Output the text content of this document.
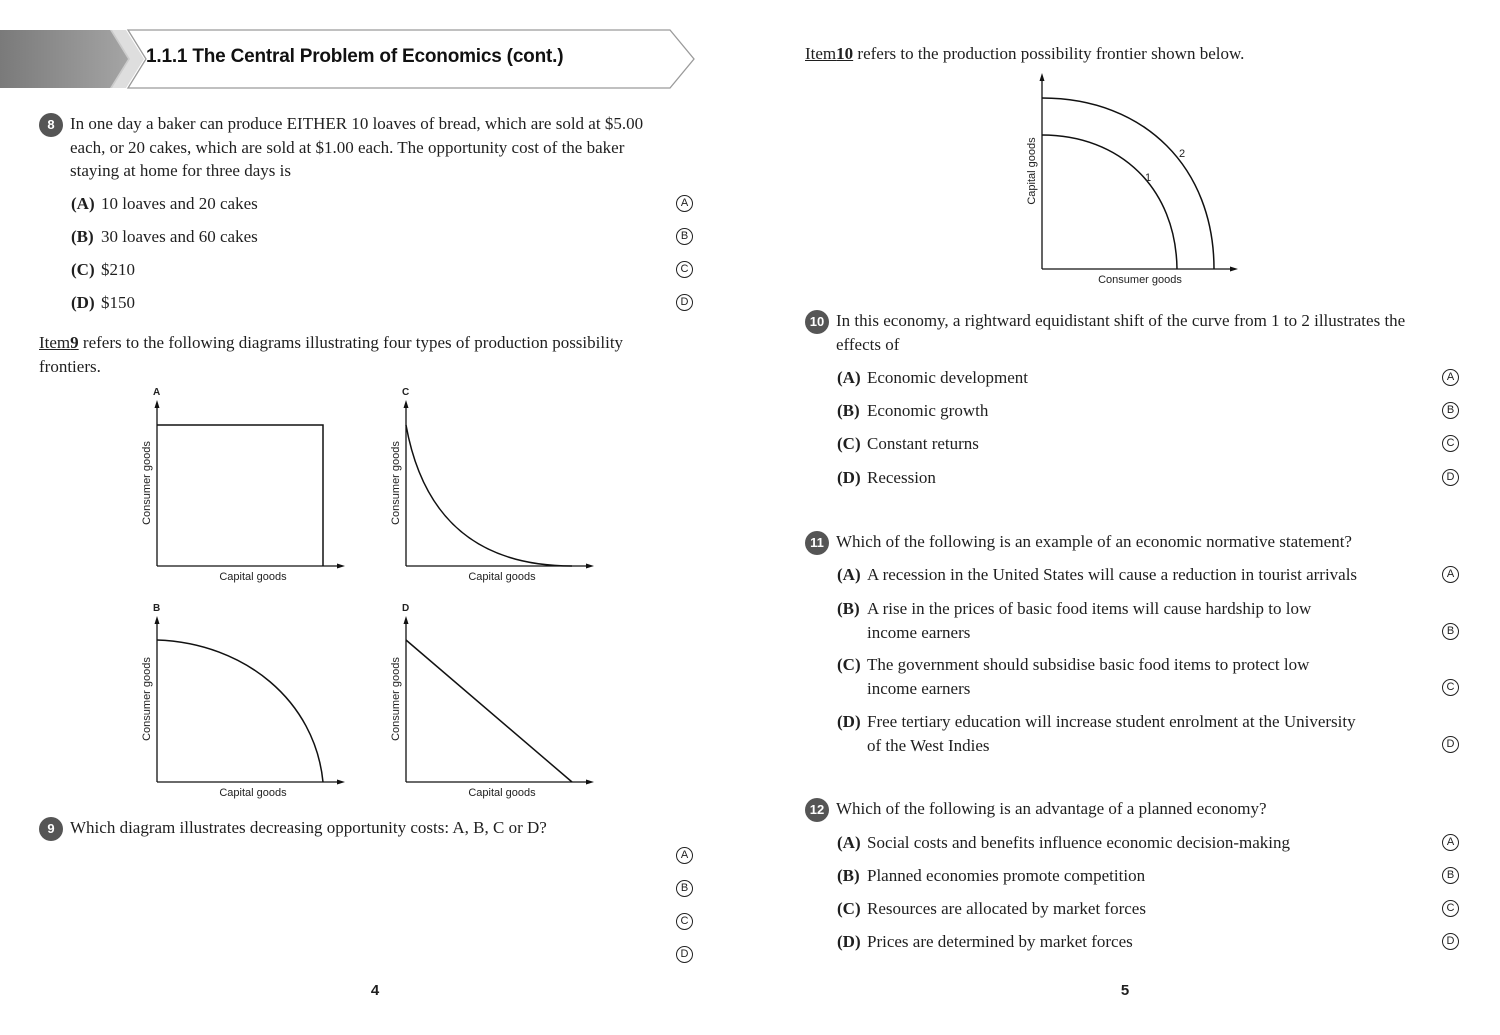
1.1.1 The Central Problem of Economics (cont.)
8 In one day a baker can produce EITHER 10 loaves of bread, which are sold at $5.00
each, or 20 cakes, which are sold at $1.00 each. The opportunity cost of the baker
staying at home for three days is
(A) 10 loaves and 20 cakes	A
(B) 30 loaves and 60 cakes	B
(C) $210	C
(D) $150	D
Item9 refers to the following diagrams illustrating four types of production possibility
frontiers.
A
Capital goods
Consumer goods
C
Capital goods
Consumer goods
B
Capital goods
Consumer goods
D
Capital goods
Consumer goods
9 Which diagram illustrates decreasing opportunity costs: A, B, C or D?
A
B
C
D
4
Item10 refers to the production possibility frontier shown below.
1
2
Consumer goods
Capital goods
10 In this economy, a rightward equidistant shift of the curve from 1 to 2 illustrates the
effects of
(A) Economic development	A
(B) Economic growth	B
(C) Constant returns	C
(D) Recession	D
11 Which of the following is an example of an economic normative statement?
(A) A recession in the United States will cause a reduction in tourist arrivals	A
(B) A rise in the prices of basic food items will cause hardship to low
income earners	B
(C) The government should subsidise basic food items to protect low
income earners	C
(D) Free tertiary education will increase student enrolment at the University
of the West Indies	D
12 Which of the following is an advantage of a planned economy?
(A) Social costs and benefits influence economic decision-making	A
(B) Planned economies promote competition	B
(C) Resources are allocated by market forces	C
(D) Prices are determined by market forces	D
5
